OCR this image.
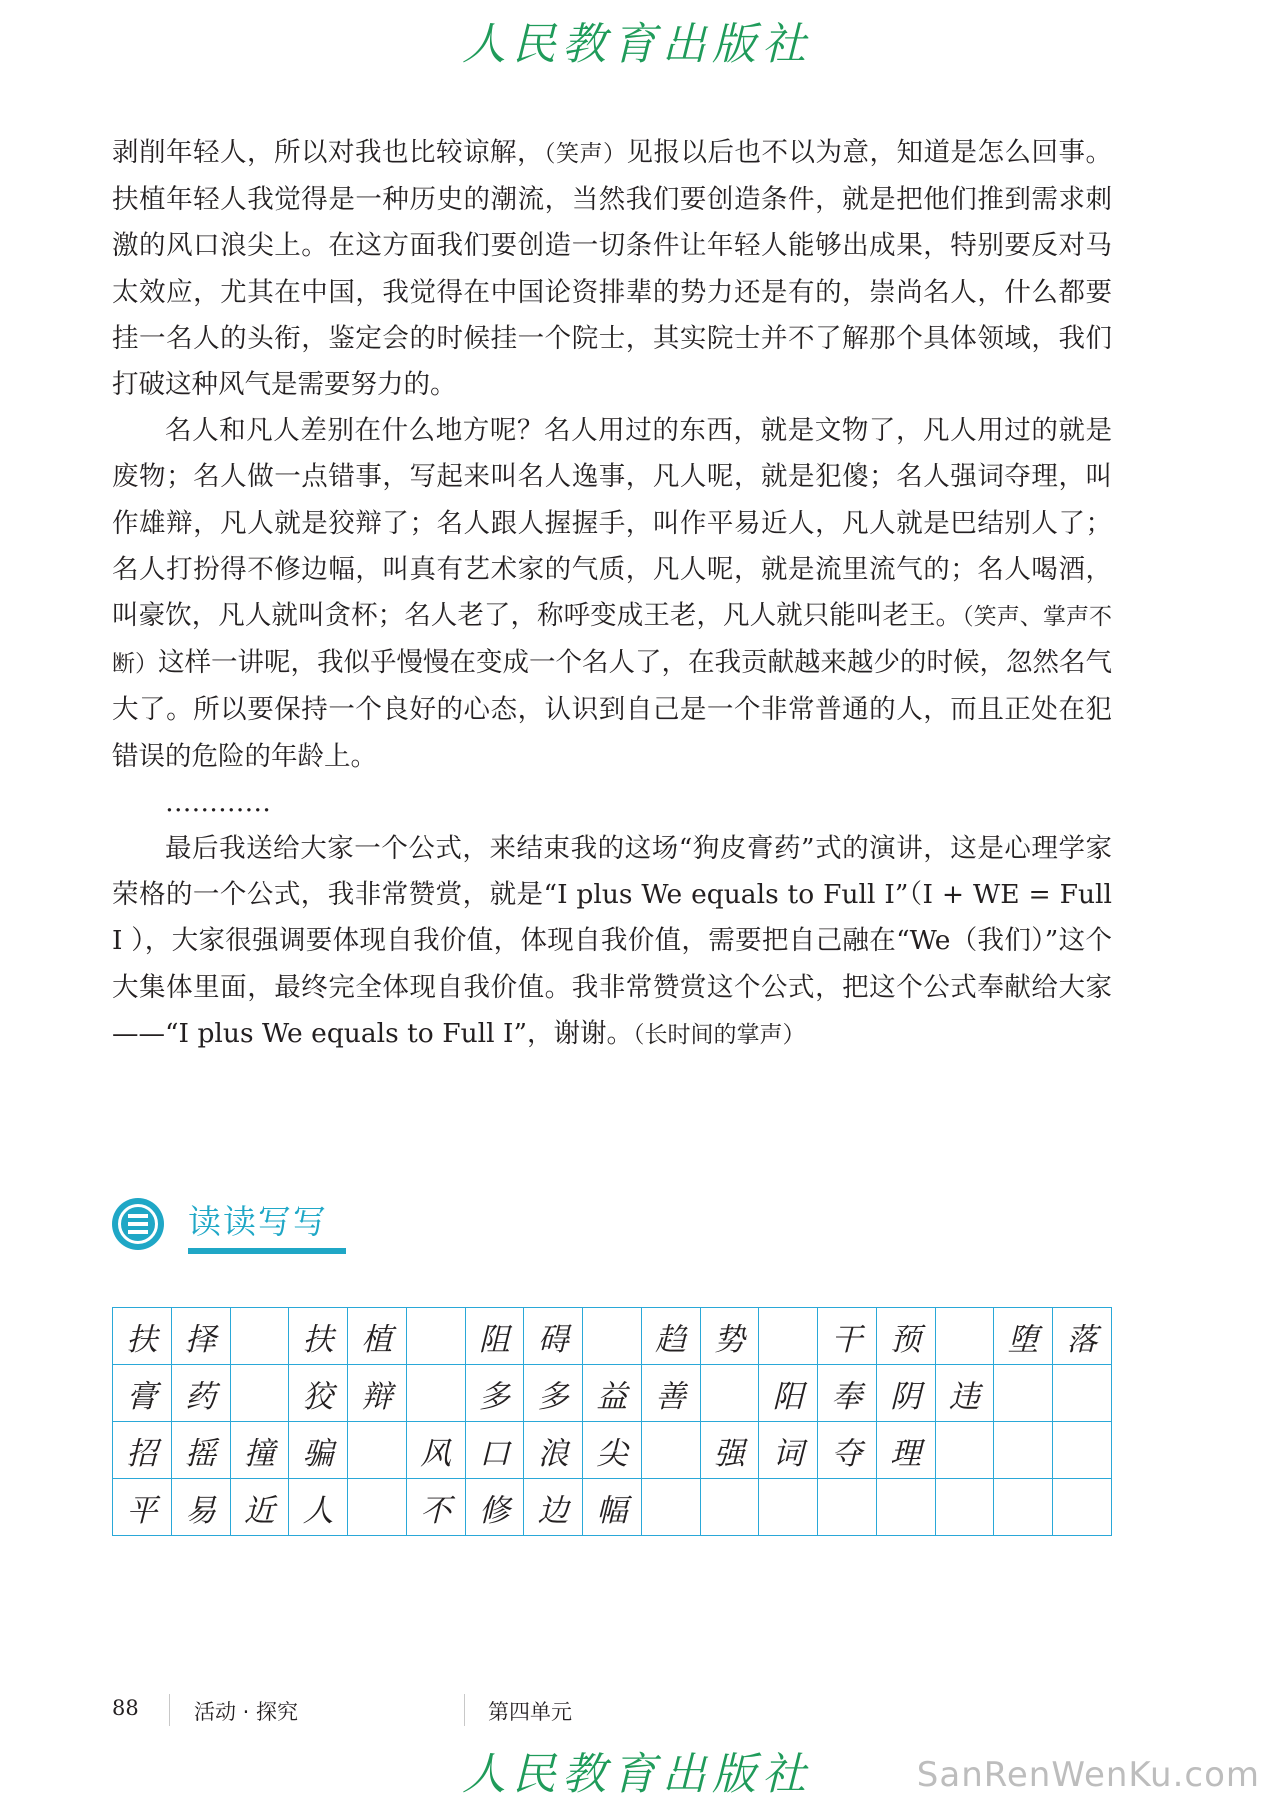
人民教育出版社

剥削年轻人，所以对我也比较谅解，（笑声）见报以后也不以为意，知道是怎么回事。扶植年轻人我觉得是一种历史的潮流，当然我们要创造条件，就是把他们推到需求刺激的风口浪尖上。在这方面我们要创造一切条件让年轻人能够出成果，特别要反对马太效应，尤其在中国，我觉得在中国论资排辈的势力还是有的，崇尚名人，什么都要挂一名人的头衔，鉴定会的时候挂一个院士，其实院士并不了解那个具体领域，我们打破这种风气是需要努力的。

名人和凡人差别在什么地方呢？名人用过的东西，就是文物了，凡人用过的就是废物；名人做一点错事，写起来叫名人逸事，凡人呢，就是犯傻；名人强词夺理，叫作雄辩，凡人就是狡辩了；名人跟人握握手，叫作平易近人，凡人就是巴结别人了；名人打扮得不修边幅，叫真有艺术家的气质，凡人呢，就是流里流气的；名人喝酒，叫豪饮，凡人就叫贪杯；名人老了，称呼变成王老，凡人就只能叫老王。（笑声、掌声不断）这样一讲呢，我似乎慢慢在变成一个名人了，在我贡献越来越少的时候，忽然名气大了。所以要保持一个良好的心态，认识到自己是一个非常普通的人，而且正处在犯错误的危险的年龄上。

…………

最后我送给大家一个公式，来结束我的这场“狗皮膏药”式的演讲，这是心理学家荣格的一个公式，我非常赞赏，就是“I plus We equals to Full I”（I + WE = Full I ），大家很强调要体现自我价值，体现自我价值，需要把自己融在“We（我们）”这个大集体里面，最终完全体现自我价值。我非常赞赏这个公式，把这个公式奉献给大家——“I plus We equals to Full I”，谢谢。（长时间的掌声）

读读写写
扶	择		扶	植		阻	碍		趋	势		干	预		堕	落
膏	药		狡	辩		多	多	益	善		阳	奉	阴	违		
招	摇	撞	骗		风	口	浪	尖		强	词	夺	理			
平	易	近	人		不	修	边	幅								
88	活动 · 探究	第四单元
人民教育出版社	SanRenWenKu.com
